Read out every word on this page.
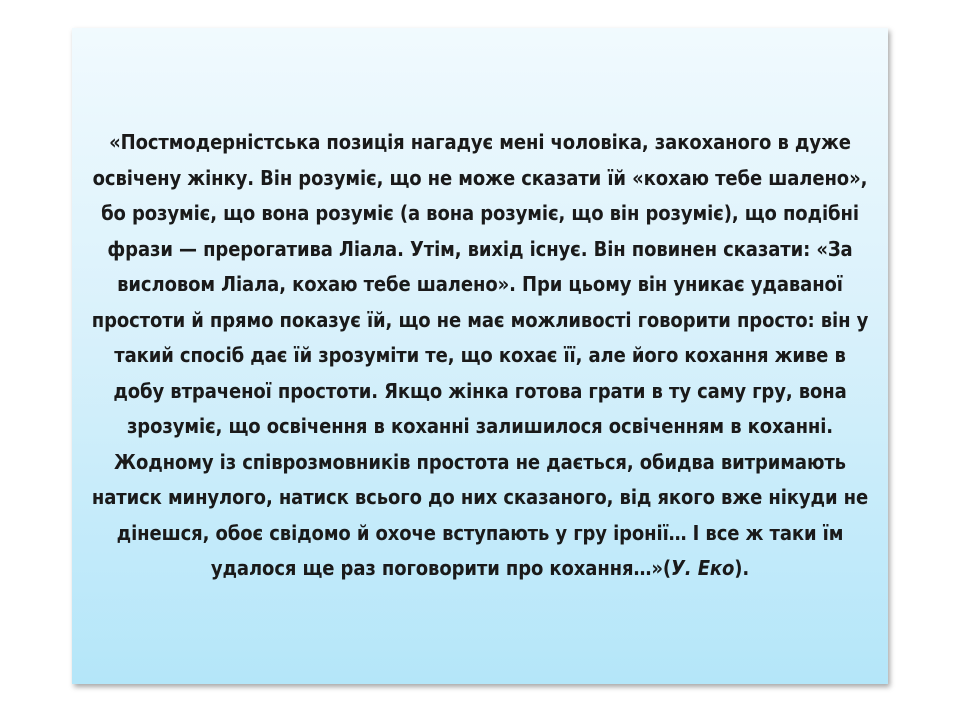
«Постмодерністська позиція нагадує мені чоловіка, закоханого в дуже освічену жінку. Він розуміє, що не може сказати їй «кохаю тебе шалено», бо розуміє, що вона розуміє (а вона розуміє, що він розуміє), що подібні фрази — прерогатива Ліала. Утім, вихід існує. Він повинен сказати: «За висловом Ліала, кохаю тебе шалено». При цьому він уникає удаваної простоти й прямо показує їй, що не має можливості говорити просто: він у такий спосіб дає їй зрозуміти те, що кохає її, але його кохання живе в добу втраченої простоти. Якщо жінка готова грати в ту саму гру, вона зрозуміє, що освічення в коханні залишилося освіченням в коханні. Жодному із співрозмовників простота не дається, обидва витримають натиск минулого, натиск всього до них сказаного, від якого вже нікуди не дінешся, обоє свідомо й охоче вступають у гру іронії… І все ж таки їм удалося ще раз поговорити про кохання…»(У. Еко).
